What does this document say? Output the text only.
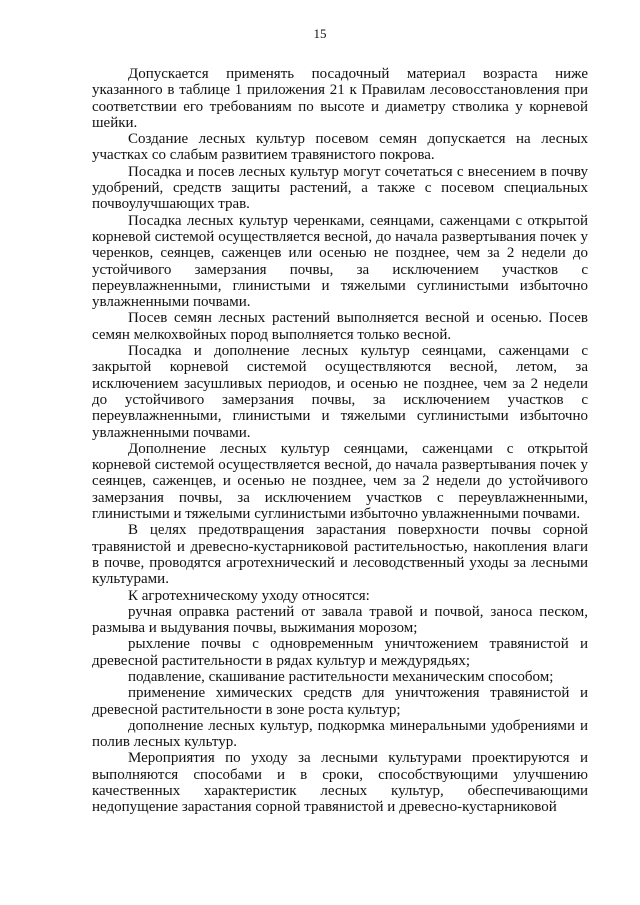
15

Допускается применять посадочный материал возраста ниже указанного в таблице 1 приложения 21 к Правилам лесовосстановления при соответствии его требованиям по высоте и диаметру стволика у корневой шейки.

Создание лесных культур посевом семян допускается на лесных участках со слабым развитием травянистого покрова.

Посадка и посев лесных культур могут сочетаться с внесением в почву удобрений, средств защиты растений, а также с посевом специальных почвоулучшающих трав.

Посадка лесных культур черенками, сеянцами, саженцами с открытой корневой системой осуществляется весной, до начала развертывания почек у черенков, сеянцев, саженцев или осенью не позднее, чем за 2 недели до устойчивого замерзания почвы, за исключением участков с переувлажненными, глинистыми и тяжелыми суглинистыми избыточно увлажненными почвами.

Посев семян лесных растений выполняется весной и осенью. Посев семян мелкохвойных пород выполняется только весной.

Посадка и дополнение лесных культур сеянцами, саженцами с закрытой корневой системой осуществляются весной, летом, за исключением засушливых периодов, и осенью не позднее, чем за 2 недели до устойчивого замерзания почвы, за исключением участков с переувлажненными, глинистыми и тяжелыми суглинистыми избыточно увлажненными почвами.

Дополнение лесных культур сеянцами, саженцами с открытой корневой системой осуществляется весной, до начала развертывания почек у сеянцев, саженцев, и осенью не позднее, чем за 2 недели до устойчивого замерзания почвы, за исключением участков с переувлажненными, глинистыми и тяжелыми суглинистыми избыточно увлажненными почвами.

В целях предотвращения зарастания поверхности почвы сорной травянистой и древесно-кустарниковой растительностью, накопления влаги в почве, проводятся агротехнический и лесоводственный уходы за лесными культурами.

К агротехническому уходу относятся:

ручная оправка растений от завала травой и почвой, заноса песком, размыва и выдувания почвы, выжимания морозом;

рыхление почвы с одновременным уничтожением травянистой и древесной растительности в рядах культур и междурядьях;

подавление, скашивание растительности механическим способом;

применение химических средств для уничтожения травянистой и древесной растительности в зоне роста культур;

дополнение лесных культур, подкормка минеральными удобрениями и полив лесных культур.

Мероприятия по уходу за лесными культурами проектируются и выполняются способами и в сроки, способствующими улучшению качественных характеристик лесных культур, обеспечивающими недопущение зарастания сорной травянистой и древесно-кустарниковой
